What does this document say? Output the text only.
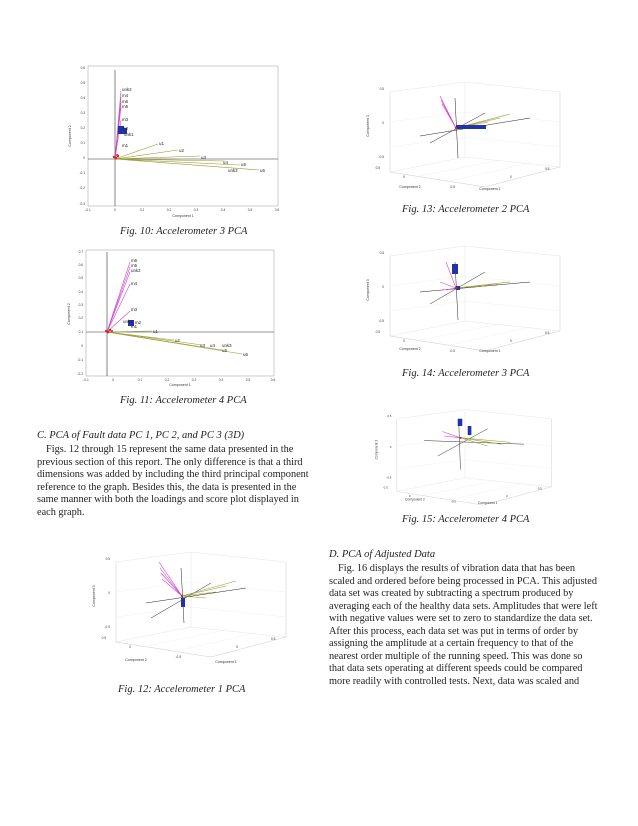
0.6
0.5
0.4
0.3
0.2
0.1
0
-0.1
-0.2
-0.3
-0.1	0	0.1	0.2	0.3	0.4	0.5	0.6
Component 1
Component 2
unk2
m4
m6
m5
m3
m2
unk1
m1	u1
u2
u3
u4
unk3
u5
u6
Fig. 10: Accelerometer 3 PCA
0.7
0.6
0.5
0.4
0.3
0.2
0.1
0
-0.1
-0.2
-0.1	0	0.1	0.2	0.3	0.4	0.5	0.6
Component 1
Component 2
m6
m5
unk2
m4
m3
unk1 m2
m1
u1
u2
u3 u4 unk3
u5
u6
Fig. 11: Accelerometer 4 PCA
C. PCA of Fault data PC 1, PC 2, and PC 3 (3D)
Figs. 12 through 15 represent the same data presented in the
previous section of this report. The only difference is that a third
dimensions was added by including the third principal component
reference to the graph. Besides this, the data is presented in the
same manner with both the loadings and score plot displayed in
each graph.
0.5
0
-0.5
0.5
0
-0.5
0
0.5
Component 2	Component 1
Component 3
Fig. 12: Accelerometer 1 PCA
0.5
0
-0.5
0.5
0
-0.5
0
0.5
Component 2	Component 1
Component 3
Fig. 13: Accelerometer 2 PCA
0.5
0
-0.5
0.5
0
-0.5
0
0.5
Component 2	Component 1
Component 3
Fig. 14: Accelerometer 3 PCA
0.5
0
-0.5
0.5
0
-0.5
0
0.5
Component 2
Component 1
Component 3
Fig. 15: Accelerometer 4 PCA
D. PCA of Adjusted Data
Fig. 16 displays the results of vibration data that has been
scaled and ordered before being processed in PCA. This adjusted
data set was created by subtracting a spectrum produced by
averaging each of the healthy data sets. Amplitudes that were left
with negative values were set to zero to standardize the data set.
After this process, each data set was put in terms of order by
assigning the amplitude at a certain frequency to that of the
nearest order multiple of the running speed. This was done so
that data sets operating at different speeds could be compared
more readily with controlled tests. Next, data was scaled and
